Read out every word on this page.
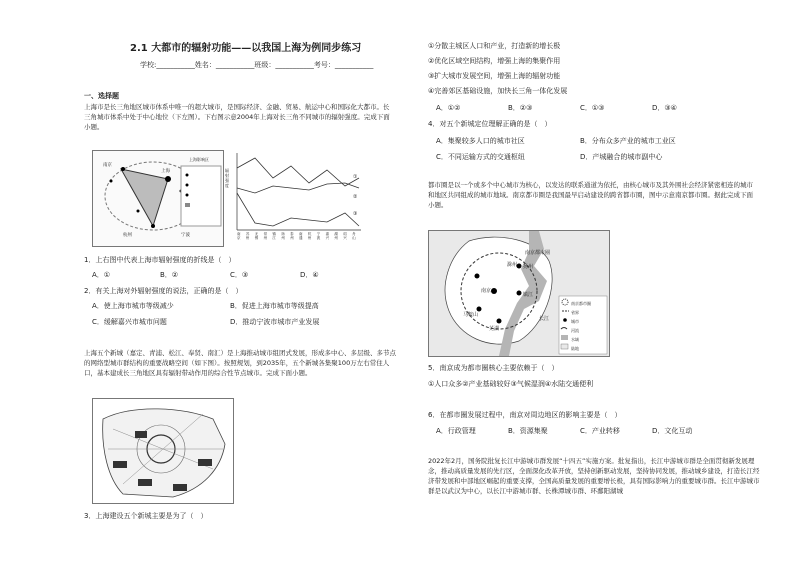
2.1 大都市的辐射功能——以我国上海为例同步练习
学校:___________姓名：___________班级：___________考号：___________
一、选择题
上海市是长三角地区城市体系中唯一的超大城市，是国际经济、金融、贸易、航运中心和国际化大都市。长三角城市体系中处于中心地位（下左图）。下右图示意2004年上海对长三角不同城市的辐射强度。完成下面小题。
上海影响区
南京
杭州
上海
宁波
辐射强度
①
②
③
南京
苏州
无锡
常州
镇江
扬州
泰州
南通
杭州
宁波
嘉兴
湖州
绍兴
舟山
1．上右图中代表上海市辐射强度的折线是（　）
A．①	B．②	C．③	D．④
2．有关上海对外辐射强度的说法，正确的是（　）
A．使上海市城市等级减少	B．促进上海市城市等级提高
C．缓解嘉兴市城市问题	D．推动宁波市城市产业发展
上海五个新城（嘉定、青浦、松江、奉贤、南汇）是上海推动城市组团式发展，形成多中心、多层级、多节点的网络型城市群结构的重要战略空间（如下图）。按照规划，到2035年，五个新城各集聚100万左右常住人口，基本建成长三角地区具有辐射带动作用的综合性节点城市。完成下面小题。
3．上海建设五个新城主要是为了（　）
①分散主城区人口和产业，打造新的增长极
②优化区域空间结构，增强上海的集聚作用
③扩大城市发展空间，增强上海的辐射功能
④完善郊区基础设施，加快长三角一体化发展
A．①②	B．②③	C．①③	D．③④
4．对五个新城定位理解正确的是（　）
A．集聚较多人口的城市社区	B．分布众多产业的城市工业区
C．不同运输方式的交通枢纽	D．产城融合的城市副中心
都市圈是以一个或多个中心城市为核心，以发达的联系通道为依托，由核心城市及其外围社会经济紧密相连的城市和地区共同组成的城市地域。南京都市圈是我国最早启动建设的跨省都市圈，图中示意南京都市圈。据此完成下面小题。
南京都市圈
滁州 扬州
南京
镇江
马鞍山
芜湖
长江
南京都市圈
省界
城市
河流
水域
陆地
5．南京成为都市圈核心主要依赖于（　）
①人口众多②产业基础较好③气候湿润④水陆交通便利
6．在都市圈发展过程中，南京对周边地区的影响主要是（　）
A．行政管理	B．资源集聚	C．产业转移	D．文化互动
2022年2月，国务院批复长江中游城市群发展“十四五”实施方案。批复指出，长江中游城市群是全面贯彻新发展理念，推动高质量发展的先行区，全面深化改革开放，坚持创新驱动发展，坚持协同发展，推动城乡建设，打造长江经济带发展和中部地区崛起的重要支撑，全国高质量发展的重要增长极，具有国际影响力的重要城市群。长江中游城市群是以武汉为中心，以长江中游城市群、长株潭城市群、环鄱阳湖城
